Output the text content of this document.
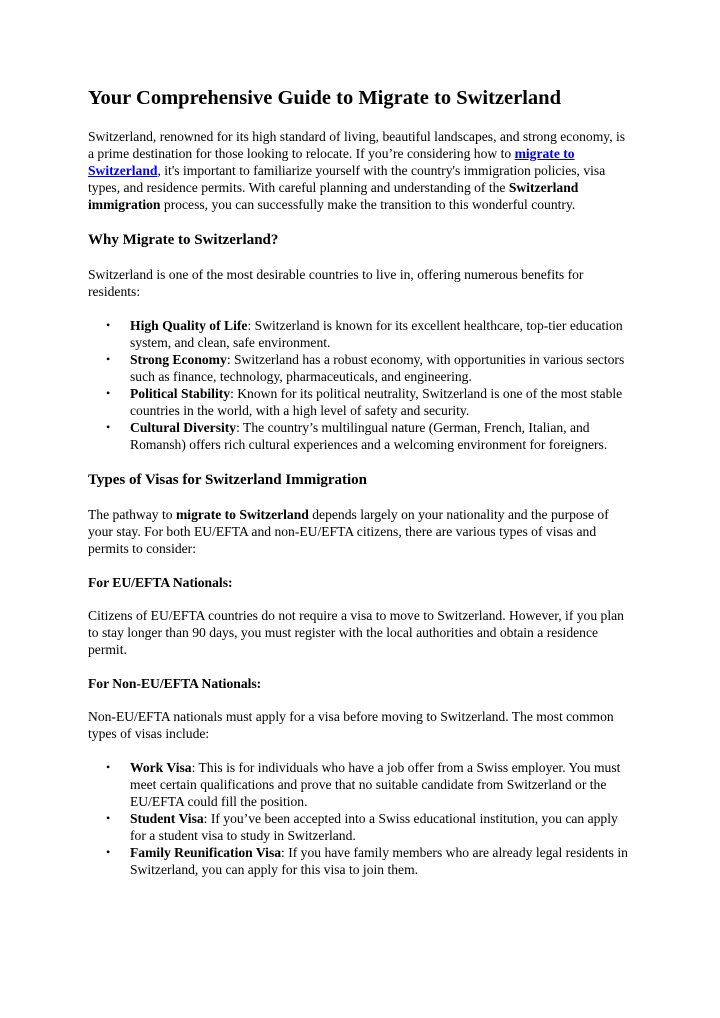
Your Comprehensive Guide to Migrate to Switzerland

Switzerland, renowned for its high standard of living, beautiful landscapes, and strong economy, is a prime destination for those looking to relocate. If you’re considering how to migrate to Switzerland, it's important to familiarize yourself with the country's immigration policies, visa types, and residence permits. With careful planning and understanding of the Switzerland immigration process, you can successfully make the transition to this wonderful country.

Why Migrate to Switzerland?

Switzerland is one of the most desirable countries to live in, offering numerous benefits for residents:

• High Quality of Life: Switzerland is known for its excellent healthcare, top-tier education system, and clean, safe environment.
• Strong Economy: Switzerland has a robust economy, with opportunities in various sectors such as finance, technology, pharmaceuticals, and engineering.
• Political Stability: Known for its political neutrality, Switzerland is one of the most stable countries in the world, with a high level of safety and security.
• Cultural Diversity: The country’s multilingual nature (German, French, Italian, and Romansh) offers rich cultural experiences and a welcoming environment for foreigners.
Types of Visas for Switzerland Immigration

The pathway to migrate to Switzerland depends largely on your nationality and the purpose of your stay. For both EU/EFTA and non-EU/EFTA citizens, there are various types of visas and permits to consider:

For EU/EFTA Nationals:

Citizens of EU/EFTA countries do not require a visa to move to Switzerland. However, if you plan to stay longer than 90 days, you must register with the local authorities and obtain a residence permit.

For Non-EU/EFTA Nationals:

Non-EU/EFTA nationals must apply for a visa before moving to Switzerland. The most common types of visas include:

• Work Visa: This is for individuals who have a job offer from a Swiss employer. You must meet certain qualifications and prove that no suitable candidate from Switzerland or the EU/EFTA could fill the position.
• Student Visa: If you’ve been accepted into a Swiss educational institution, you can apply for a student visa to study in Switzerland.
• Family Reunification Visa: If you have family members who are already legal residents in Switzerland, you can apply for this visa to join them.
